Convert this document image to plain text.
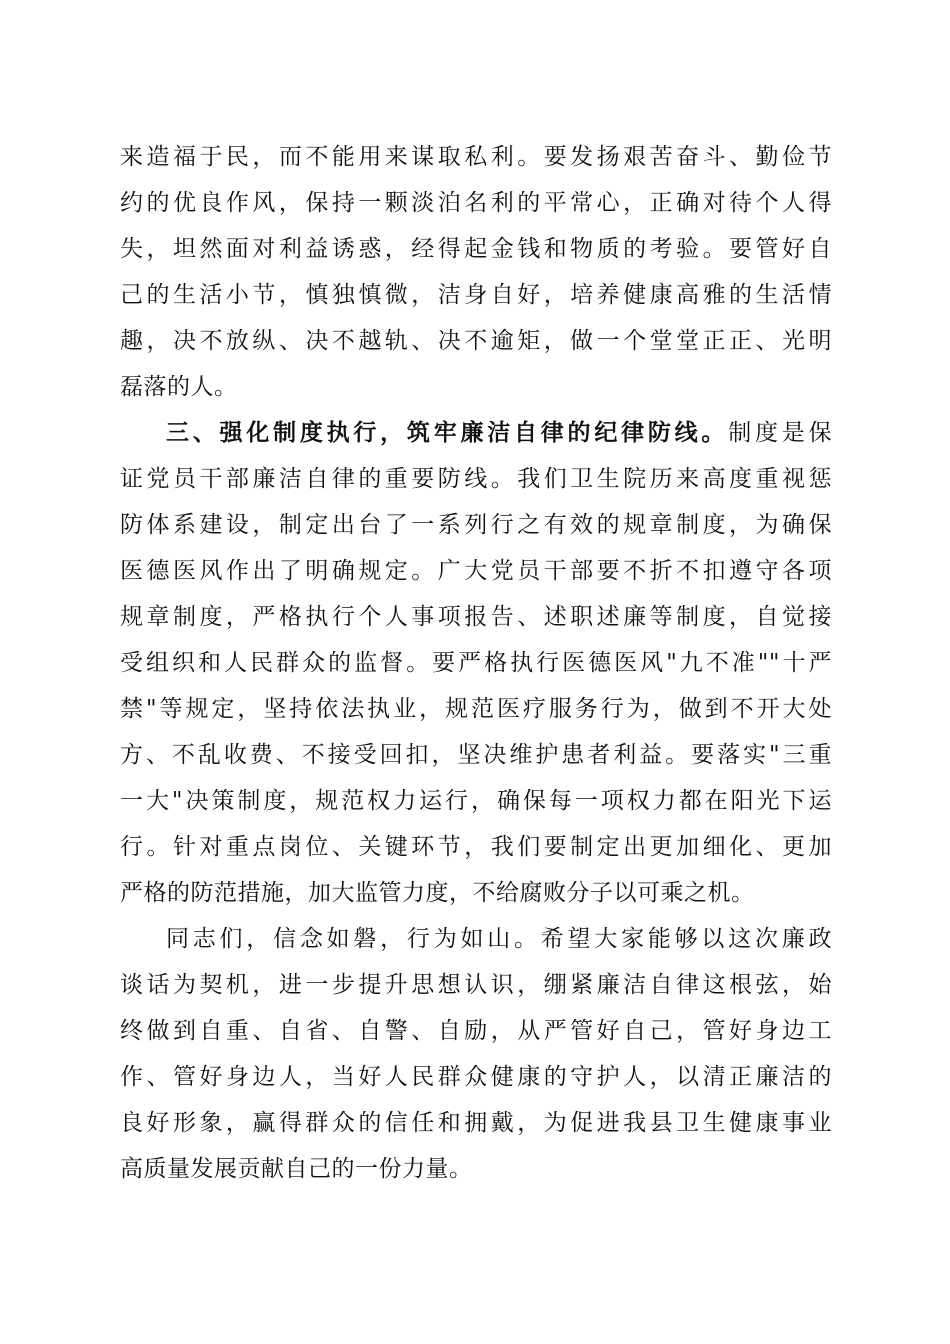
来造福于民，而不能用来谋取私利。要发扬艰苦奋斗、勤俭节
约的优良作风，保持一颗淡泊名利的平常心，正确对待个人得
失，坦然面对利益诱惑，经得起金钱和物质的考验。要管好自
己的生活小节，慎独慎微，洁身自好，培养健康高雅的生活情
趣，决不放纵、决不越轨、决不逾矩，做一个堂堂正正、光明
磊落的人。
三、强化制度执行，筑牢廉洁自律的纪律防线。制度是保
证党员干部廉洁自律的重要防线。我们卫生院历来高度重视惩
防体系建设，制定出台了一系列行之有效的规章制度，为确保
医德医风作出了明确规定。广大党员干部要不折不扣遵守各项
规章制度，严格执行个人事项报告、述职述廉等制度，自觉接
受组织和人民群众的监督。要严格执行医德医风"九不准""十严
禁"等规定，坚持依法执业，规范医疗服务行为，做到不开大处
方、不乱收费、不接受回扣，坚决维护患者利益。要落实"三重
一大"决策制度，规范权力运行，确保每一项权力都在阳光下运
行。针对重点岗位、关键环节，我们要制定出更加细化、更加
严格的防范措施，加大监管力度，不给腐败分子以可乘之机。
同志们，信念如磐，行为如山。希望大家能够以这次廉政
谈话为契机，进一步提升思想认识，绷紧廉洁自律这根弦，始
终做到自重、自省、自警、自励，从严管好自己，管好身边工
作、管好身边人，当好人民群众健康的守护人，以清正廉洁的
良好形象，赢得群众的信任和拥戴，为促进我县卫生健康事业
高质量发展贡献自己的一份力量。
